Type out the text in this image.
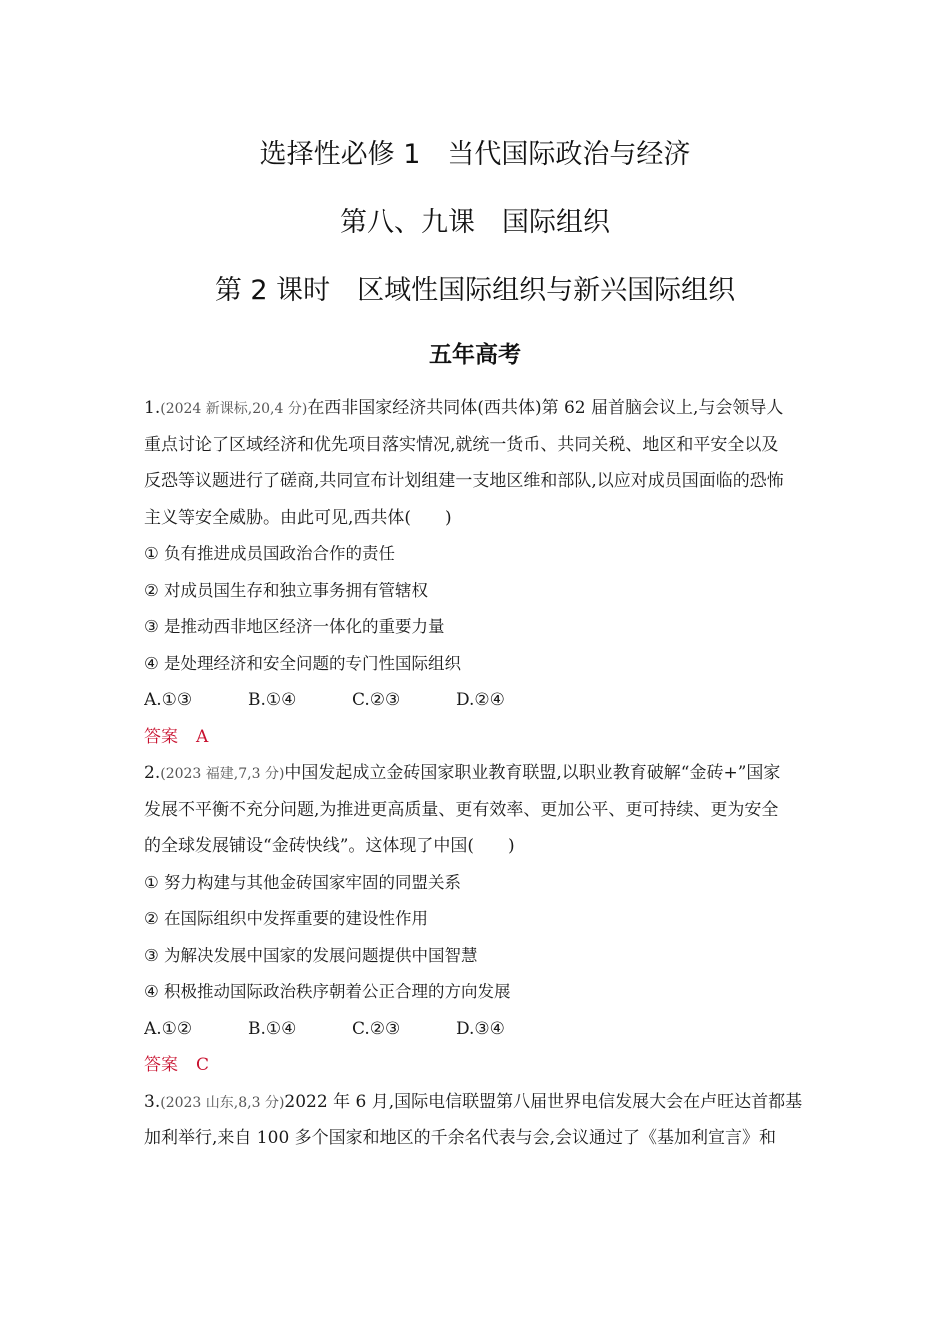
选择性必修 1　当代国际政治与经济
第八、九课　国际组织
第 2 课时　区域性国际组织与新兴国际组织
五年高考
1.(2024 新课标,20,4 分)在西非国家经济共同体(西共体)第 62 届首脑会议上,与会领导人
重点讨论了区域经济和优先项目落实情况,就统一货币、共同关税、地区和平安全以及
反恐等议题进行了磋商,共同宣布计划组建一支地区维和部队,以应对成员国面临的恐怖
主义等安全威胁。由此可见,西共体(　　)
① 负有推进成员国政治合作的责任
② 对成员国生存和独立事务拥有管辖权
③ 是推动西非地区经济一体化的重要力量
④ 是处理经济和安全问题的专门性国际组织
A.①③	B.①④	C.②③	D.②④
答案 A
2.(2023 福建,7,3 分)中国发起成立金砖国家职业教育联盟,以职业教育破解“金砖+”国家
发展不平衡不充分问题,为推进更高质量、更有效率、更加公平、更可持续、更为安全
的全球发展铺设“金砖快线”。这体现了中国(　　)
① 努力构建与其他金砖国家牢固的同盟关系
② 在国际组织中发挥重要的建设性作用
③ 为解决发展中国家的发展问题提供中国智慧
④ 积极推动国际政治秩序朝着公正合理的方向发展
A.①②	B.①④	C.②③	D.③④
答案 C
3.(2023 山东,8,3 分)2022 年 6 月,国际电信联盟第八届世界电信发展大会在卢旺达首都基
加利举行,来自 100 多个国家和地区的千余名代表与会,会议通过了《基加利宣言》和
